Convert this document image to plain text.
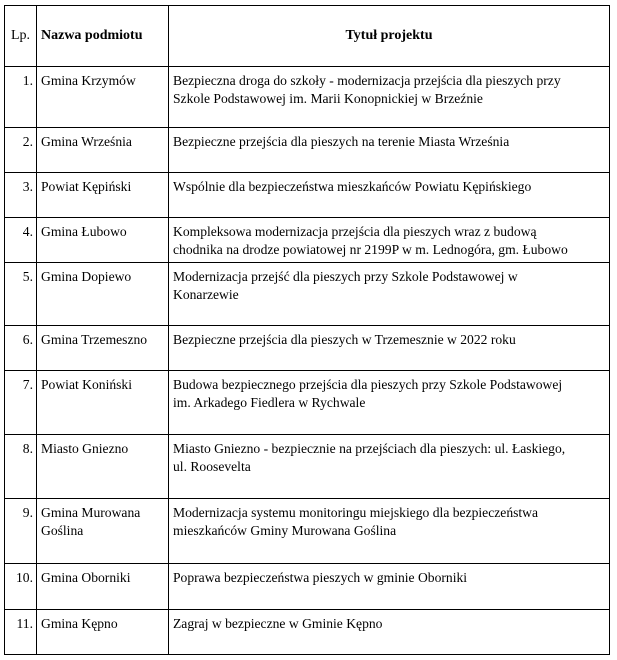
Lp.	Nazwa podmiotu	Tytuł projektu
1.	Gmina Krzymów	Bezpieczna droga do szkoły - modernizacja przejścia dla pieszych przy
Szkole Podstawowej im. Marii Konopnickiej w Brzeźnie
2.	Gmina Września	Bezpieczne przejścia dla pieszych na terenie Miasta Września
3.	Powiat Kępiński	Wspólnie dla bezpieczeństwa mieszkańców Powiatu Kępińskiego
4.	Gmina Łubowo	Kompleksowa modernizacja przejścia dla pieszych wraz z budową
chodnika na drodze powiatowej nr 2199P w m. Lednogóra, gm. Łubowo
5.	Gmina Dopiewo	Modernizacja przejść dla pieszych przy Szkole Podstawowej w
Konarzewie
6.	Gmina Trzemeszno	Bezpieczne przejścia dla pieszych w Trzemesznie w 2022 roku
7.	Powiat Koniński	Budowa bezpiecznego przejścia dla pieszych przy Szkole Podstawowej
im. Arkadego Fiedlera w Rychwale
8.	Miasto Gniezno	Miasto Gniezno - bezpiecznie na przejściach dla pieszych: ul. Łaskiego,
ul. Roosevelta
9.	Gmina Murowana
Goślina	Modernizacja systemu monitoringu miejskiego dla bezpieczeństwa
mieszkańców Gminy Murowana Goślina
10.	Gmina Oborniki	Poprawa bezpieczeństwa pieszych w gminie Oborniki
11.	Gmina Kępno	Zagraj w bezpieczne w Gminie Kępno
